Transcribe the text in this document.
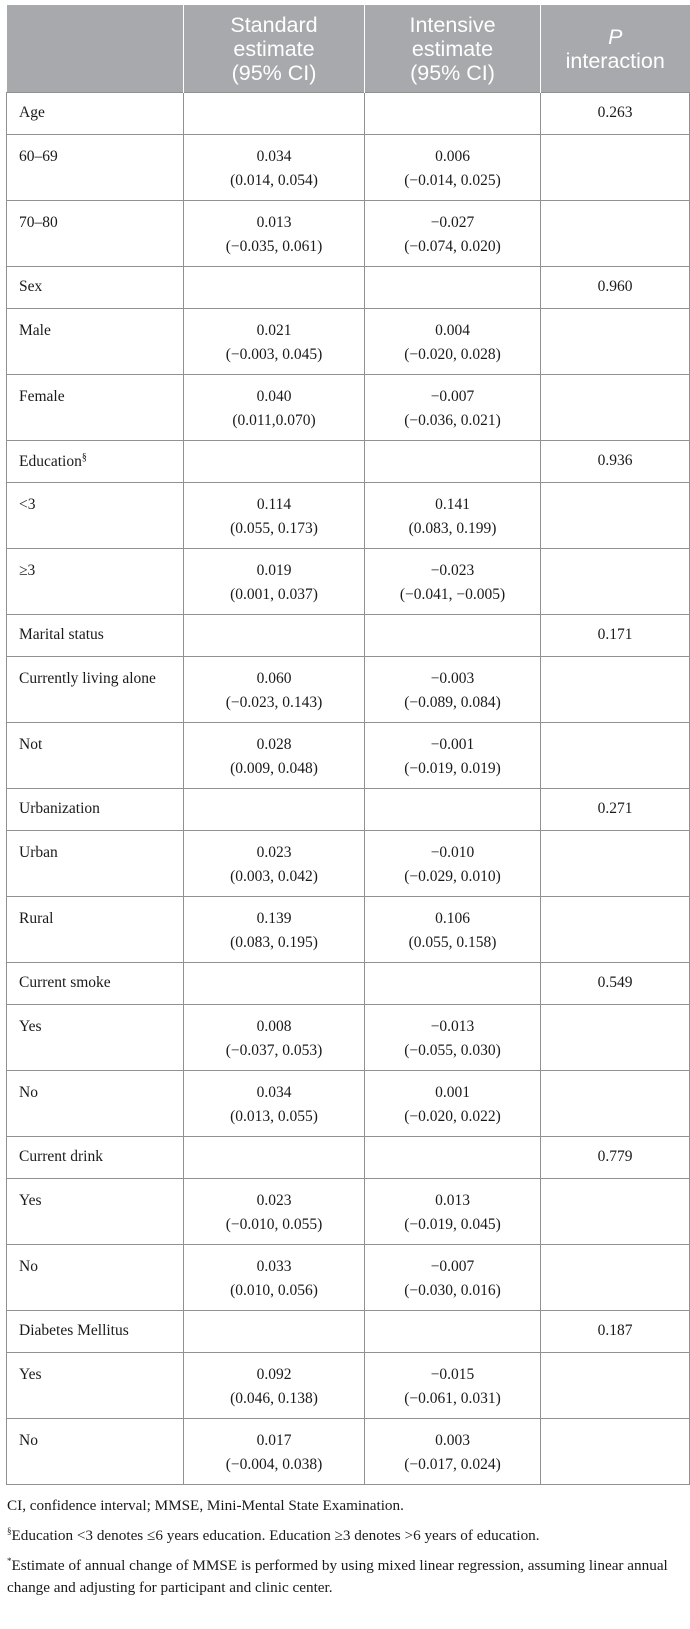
	Standard
estimate
(95% CI)	Intensive
estimate
(95% CI)	P
interaction
Age			0.263
60–69	0.034
(0.014, 0.054)	0.006
(−0.014, 0.025)	
70–80	0.013
(−0.035, 0.061)	−0.027
(−0.074, 0.020)	
Sex			0.960
Male	0.021
(−0.003, 0.045)	0.004
(−0.020, 0.028)	
Female	0.040
(0.011,0.070)	−0.007
(−0.036, 0.021)	
Education§			0.936
<3	0.114
(0.055, 0.173)	0.141
(0.083, 0.199)	
≥3	0.019
(0.001, 0.037)	−0.023
(−0.041, −0.005)	
Marital status			0.171
Currently living alone	0.060
(−0.023, 0.143)	−0.003
(−0.089, 0.084)	
Not	0.028
(0.009, 0.048)	−0.001
(−0.019, 0.019)	
Urbanization			0.271
Urban	0.023
(0.003, 0.042)	−0.010
(−0.029, 0.010)	
Rural	0.139
(0.083, 0.195)	0.106
(0.055, 0.158)	
Current smoke			0.549
Yes	0.008
(−0.037, 0.053)	−0.013
(−0.055, 0.030)	
No	0.034
(0.013, 0.055)	0.001
(−0.020, 0.022)	
Current drink			0.779
Yes	0.023
(−0.010, 0.055)	0.013
(−0.019, 0.045)	
No	0.033
(0.010, 0.056)	−0.007
(−0.030, 0.016)	
Diabetes Mellitus			0.187
Yes	0.092
(0.046, 0.138)	−0.015
(−0.061, 0.031)	
No	0.017
(−0.004, 0.038)	0.003
(−0.017, 0.024)	

CI, confidence interval; MMSE, Mini-Mental State Examination.

§Education <3 denotes ≤6 years education. Education ≥3 denotes >6 years of education.

*Estimate of annual change of MMSE is performed by using mixed linear regression, assuming linear annual change and adjusting for participant and clinic center.
